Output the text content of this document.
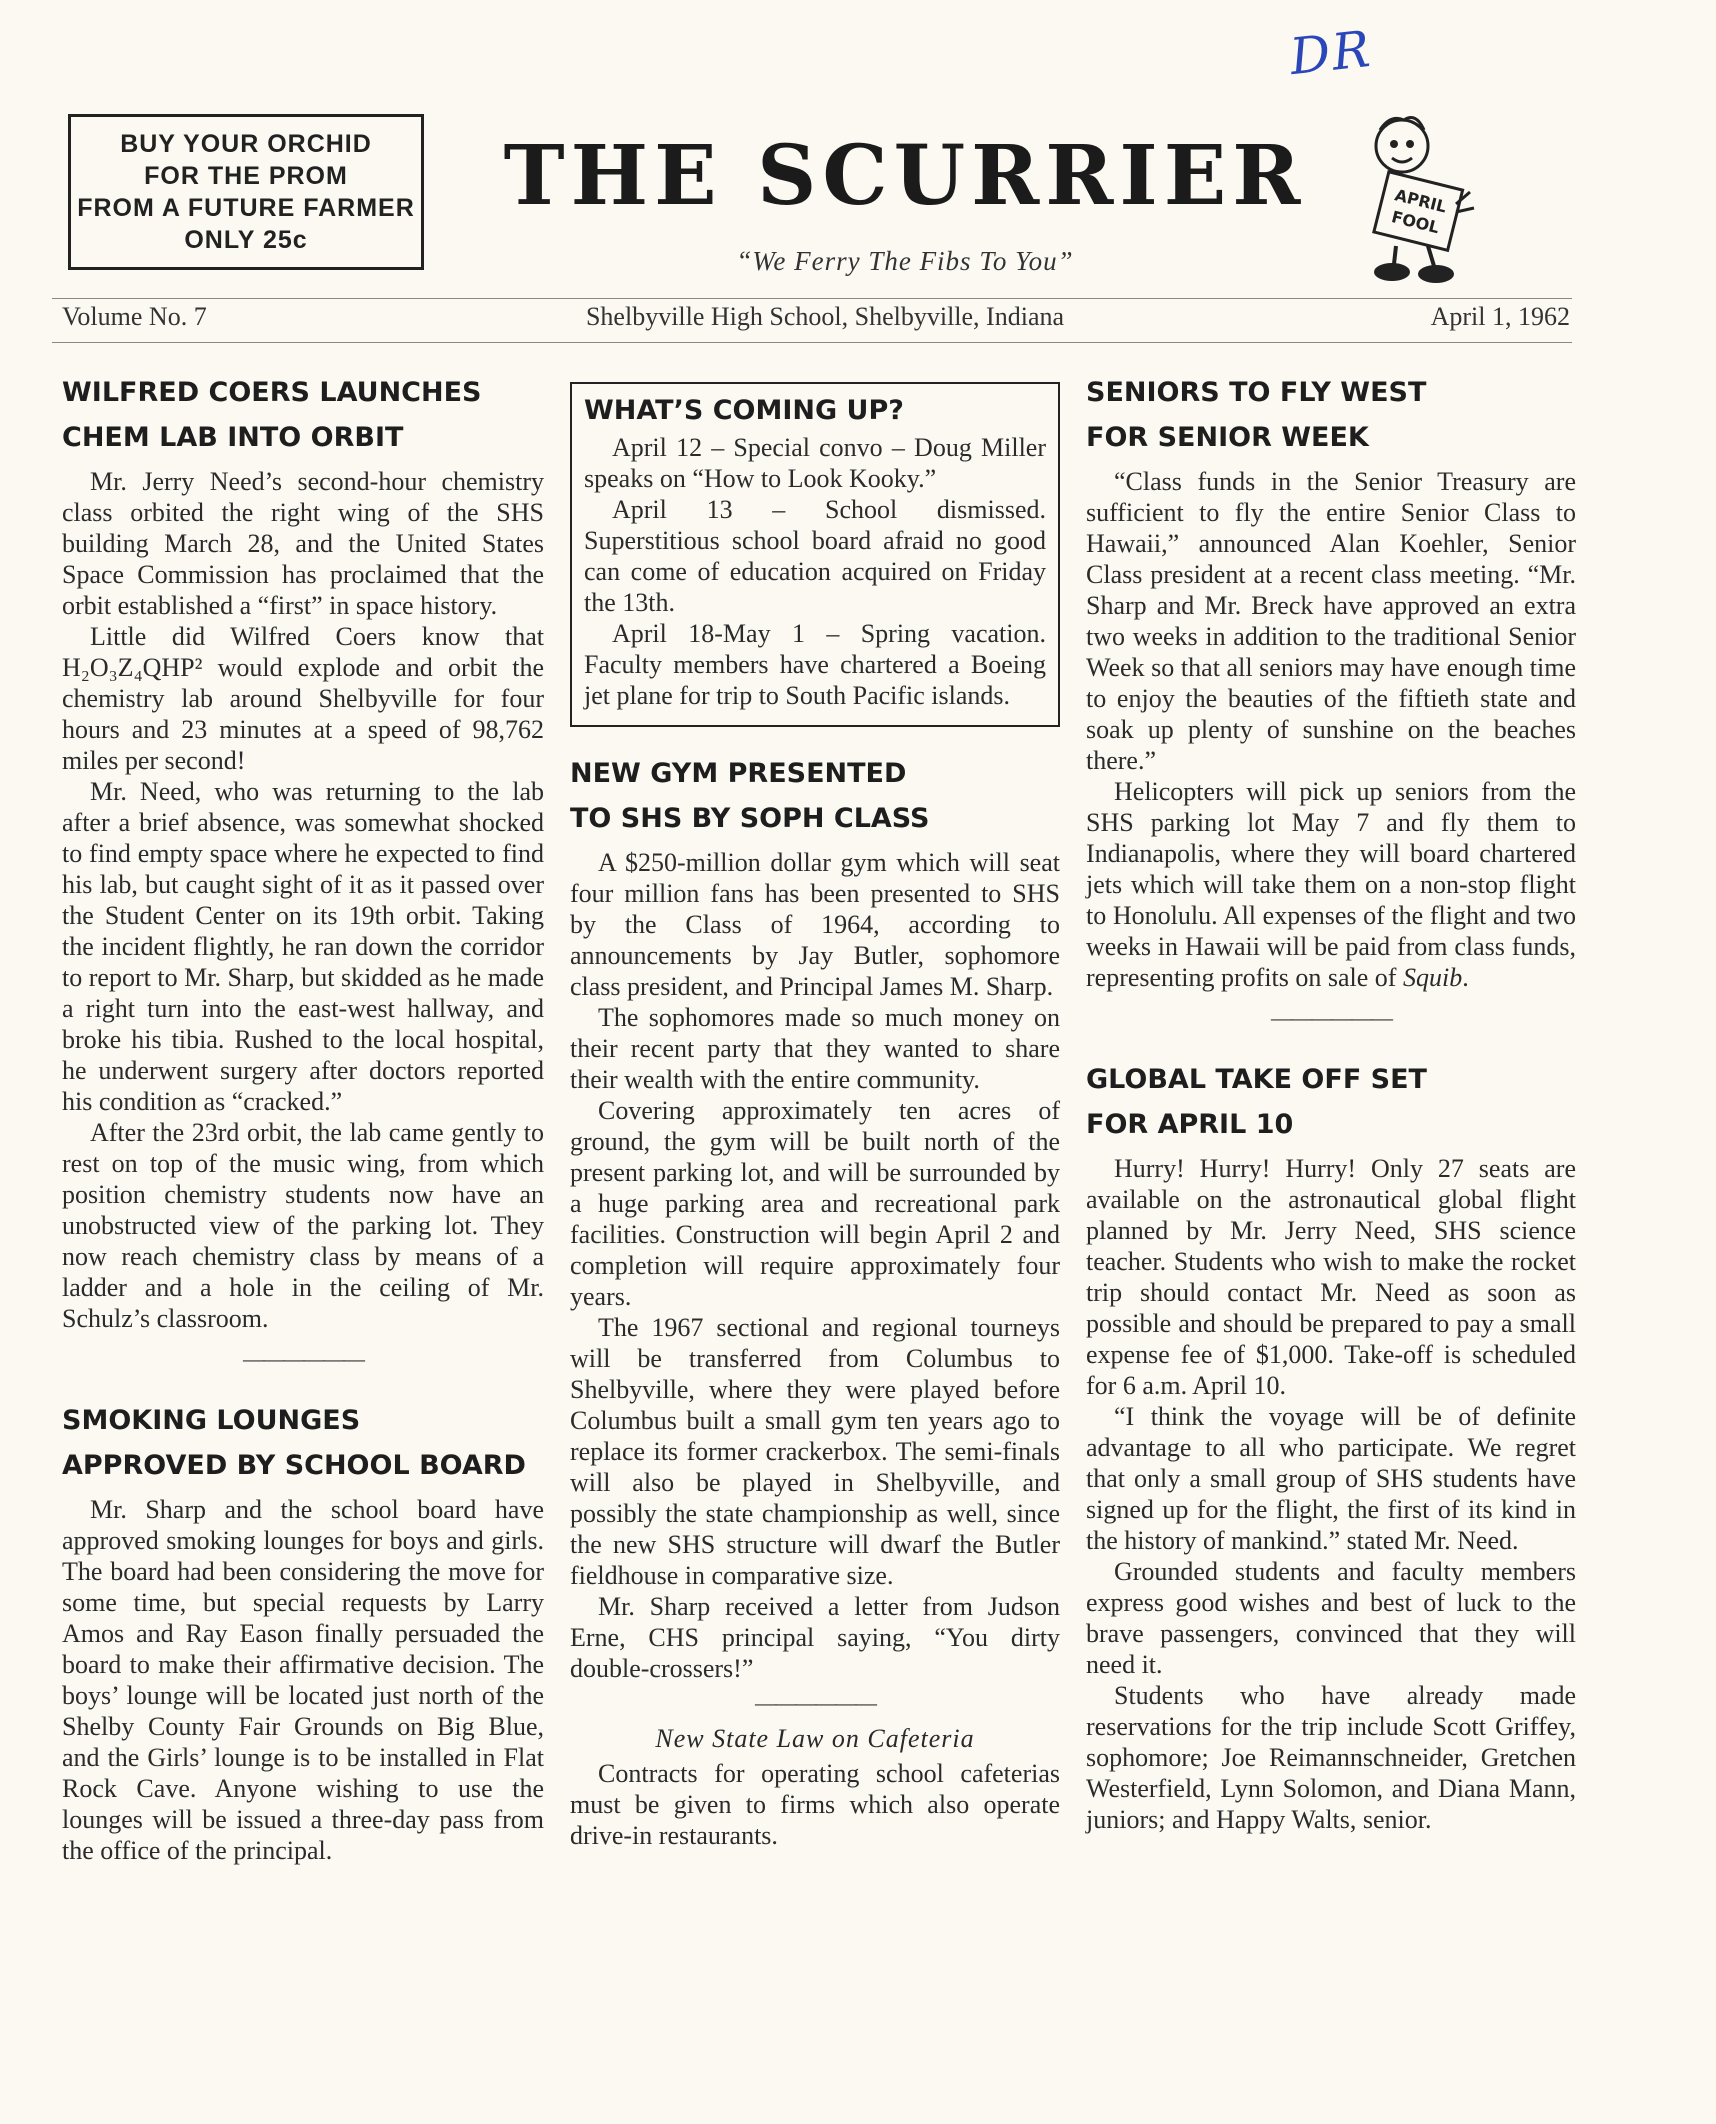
DR
BUY YOUR ORCHID
FOR THE PROM
FROM A FUTURE FARMER
ONLY 25c
THE SCURRIER
“We Ferry The Fibs To You”
APRIL
FOOL
Volume No. 7	Shelbyville High School, Shelbyville, Indiana	April 1, 1962
WILFRED COERS LAUNCHES
CHEM LAB INTO ORBIT

Mr. Jerry Need’s second-hour chemistry class orbited the right wing of the SHS building March 28, and the United States Space Commission has proclaimed that the orbit established a “first” in space history.

Little did Wilfred Coers know that H₂O₃Z₄QHP² would explode and orbit the chemistry lab around Shelbyville for four hours and 23 minutes at a speed of 98,762 miles per second!

Mr. Need, who was returning to the lab after a brief absence, was somewhat shocked to find empty space where he expected to find his lab, but caught sight of it as it passed over the Student Center on its 19th orbit. Taking the incident flightly, he ran down the corridor to report to Mr. Sharp, but skidded as he made a right turn into the east-west hallway, and broke his tibia. Rushed to the local hospital, he underwent surgery after doctors reported his condition as “cracked.”

After the 23rd orbit, the lab came gently to rest on top of the music wing, from which position chemistry students now have an unobstructed view of the parking lot. They now reach chemistry class by means of a ladder and a hole in the ceiling of Mr. Schulz’s classroom.

——————
SMOKING LOUNGES
APPROVED BY SCHOOL BOARD

Mr. Sharp and the school board have approved smoking lounges for boys and girls. The board had been considering the move for some time, but special requests by Larry Amos and Ray Eason finally persuaded the board to make their affirmative decision. The boys’ lounge will be located just north of the Shelby County Fair Grounds on Big Blue, and the Girls’ lounge is to be installed in Flat Rock Cave. Anyone wishing to use the lounges will be issued a three-day pass from the office of the principal.

WHAT’S COMING UP?

April 12 – Special convo – Doug Miller speaks on “How to Look Kooky.”

April 13 – School dismissed. Superstitious school board afraid no good can come of education acquired on Friday the 13th.

April 18-May 1 – Spring vacation. Faculty members have chartered a Boeing jet plane for trip to South Pacific islands.

NEW GYM PRESENTED
TO SHS BY SOPH CLASS

A $250-million dollar gym which will seat four million fans has been presented to SHS by the Class of 1964, according to announcements by Jay Butler, sophomore class president, and Principal James M. Sharp.

The sophomores made so much money on their recent party that they wanted to share their wealth with the entire community.

Covering approximately ten acres of ground, the gym will be built north of the present parking lot, and will be surrounded by a huge parking area and recreational park facilities. Construction will begin April 2 and completion will require approximately four years.

The 1967 sectional and regional tourneys will be transferred from Columbus to Shelbyville, where they were played before Columbus built a small gym ten years ago to replace its former crackerbox. The semi-finals will also be played in Shelbyville, and possibly the state championship as well, since the new SHS structure will dwarf the Butler fieldhouse in comparative size.

Mr. Sharp received a letter from Judson Erne, CHS principal saying, “You dirty double-crossers!”

——————
New State Law on Cafeteria

Contracts for operating school cafeterias must be given to firms which also operate drive-in restaurants.

SENIORS TO FLY WEST
FOR SENIOR WEEK

“Class funds in the Senior Treasury are sufficient to fly the entire Senior Class to Hawaii,” announced Alan Koehler, Senior Class president at a recent class meeting. “Mr. Sharp and Mr. Breck have approved an extra two weeks in addition to the traditional Senior Week so that all seniors may have enough time to enjoy the beauties of the fiftieth state and soak up plenty of sunshine on the beaches there.”

Helicopters will pick up seniors from the SHS parking lot May 7 and fly them to Indianapolis, where they will board chartered jets which will take them on a non-stop flight to Honolulu. All expenses of the flight and two weeks in Hawaii will be paid from class funds, representing profits on sale of Squib.

——————
GLOBAL TAKE OFF SET
FOR APRIL 10

Hurry! Hurry! Hurry! Only 27 seats are available on the astronautical global flight planned by Mr. Jerry Need, SHS science teacher. Students who wish to make the rocket trip should contact Mr. Need as soon as possible and should be prepared to pay a small expense fee of $1,000. Take-off is scheduled for 6 a.m. April 10.

“I think the voyage will be of definite advantage to all who participate. We regret that only a small group of SHS students have signed up for the flight, the first of its kind in the history of mankind.” stated Mr. Need.

Grounded students and faculty members express good wishes and best of luck to the brave passengers, convinced that they will need it.

Students who have already made reservations for the trip include Scott Griffey, sophomore; Joe Reimannschneider, Gretchen Westerfield, Lynn Solomon, and Diana Mann, juniors; and Happy Walts, senior.
